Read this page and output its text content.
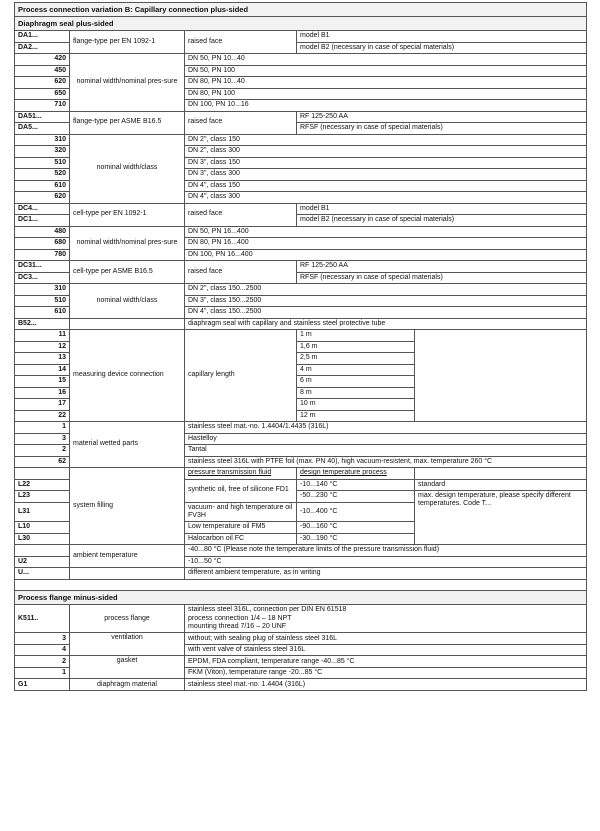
Process connection variation B: Capillary connection plus-sided				
Diaphragm seal plus-sided				
DA1...	flange-type per EN 1092-1	raised face	model B1	
DA2...			model B2 (necessary in case of special materials)	
420	nominal width/nominal pres-sure	DN 50, PN 10...40		
450		DN 50, PN 100		
620		DN 80, PN 10...40		
650		DN 80, PN 100		
710		DN 100, PN 10...16		
DA51...	flange-type per ASME B16.5	raised face	RF 125-250 AA	
DA5...			RFSF (necessary in case of special materials)	
310	nominal width/class	DN 2", class 150		
320		DN 2", class 300		
510		DN 3", class 150		
520		DN 3", class 300		
610		DN 4", class 150		
620		DN 4", class 300		
DC4...	cell-type per EN 1092-1	raised face	model B1	
DC1...			model B2 (necessary in case of special materials)	
480	nominal width/nominal pres-sure	DN 50, PN 16...400		
680		DN 80, PN 16...400		
780		DN 100, PN 16...400		
DC31...	cell-type per ASME B16.5	raised face	RF 125-250 AA	
DC3...			RFSF (necessary in case of special materials)	
310	nominal width/class	DN 2", class 150...2500		
510		DN 3", class 150...2500		
610		DN 4", class 150...2500		
B52...		diaphragm seal with capillary and stainless steel protective tube		
11	measuring device connection	capillary length	1 m	
12			1,6 m	
13			2,5 m	
14			4 m	
15			6 m	
16			8 m	
17			10 m	
22			12 m	
1	material wetted parts	stainless steel mat.-no. 1.4404/1.4435 (316L)		
3		Hastelloy		
2		Tantal		
62		stainless steel 316L with PTFE foil (max. PN 40), high vacuum-resistent, max. temperature 260 °C		
	system filling	pressure transmission fluid	design temperature process	
L22		synthetic oil, free of silicone FD1	-10...140 °C	standard
L23			-50...230 °C	max. design temperature, please specify different temperatures. Code T...
L31		vacuum- and high temperature oil FV3H	-10...400 °C	
L10		Low temperature oil FM5	-90...160 °C	
L30		Halocarbon oil FC	-30...190 °C	
	ambient temperature	-40...80 °C (Please note the temperature limits of the pressure transmission fluid)		
U2		-10...50 °C		
U...		different ambient temperature, as in writing		

Process flange minus-sided				
K511..	process flange	stainless steel 316L, connection per DIN EN 61518
process connection 1/4 – 18 NPT
mounting thread 7/16 – 20 UNF		

3	ventilation	without; with sealing plug of stainless steel 316L		
4		with vent valve of stainless steel 316L		
2	gasket	EPDM, FDA compliant, temperature range -40...85 °C		
1		FKM (Viton), temperature range -20...85 °C		
G1	diaphragm material	stainless steel mat.-no. 1.4404 (316L)		
